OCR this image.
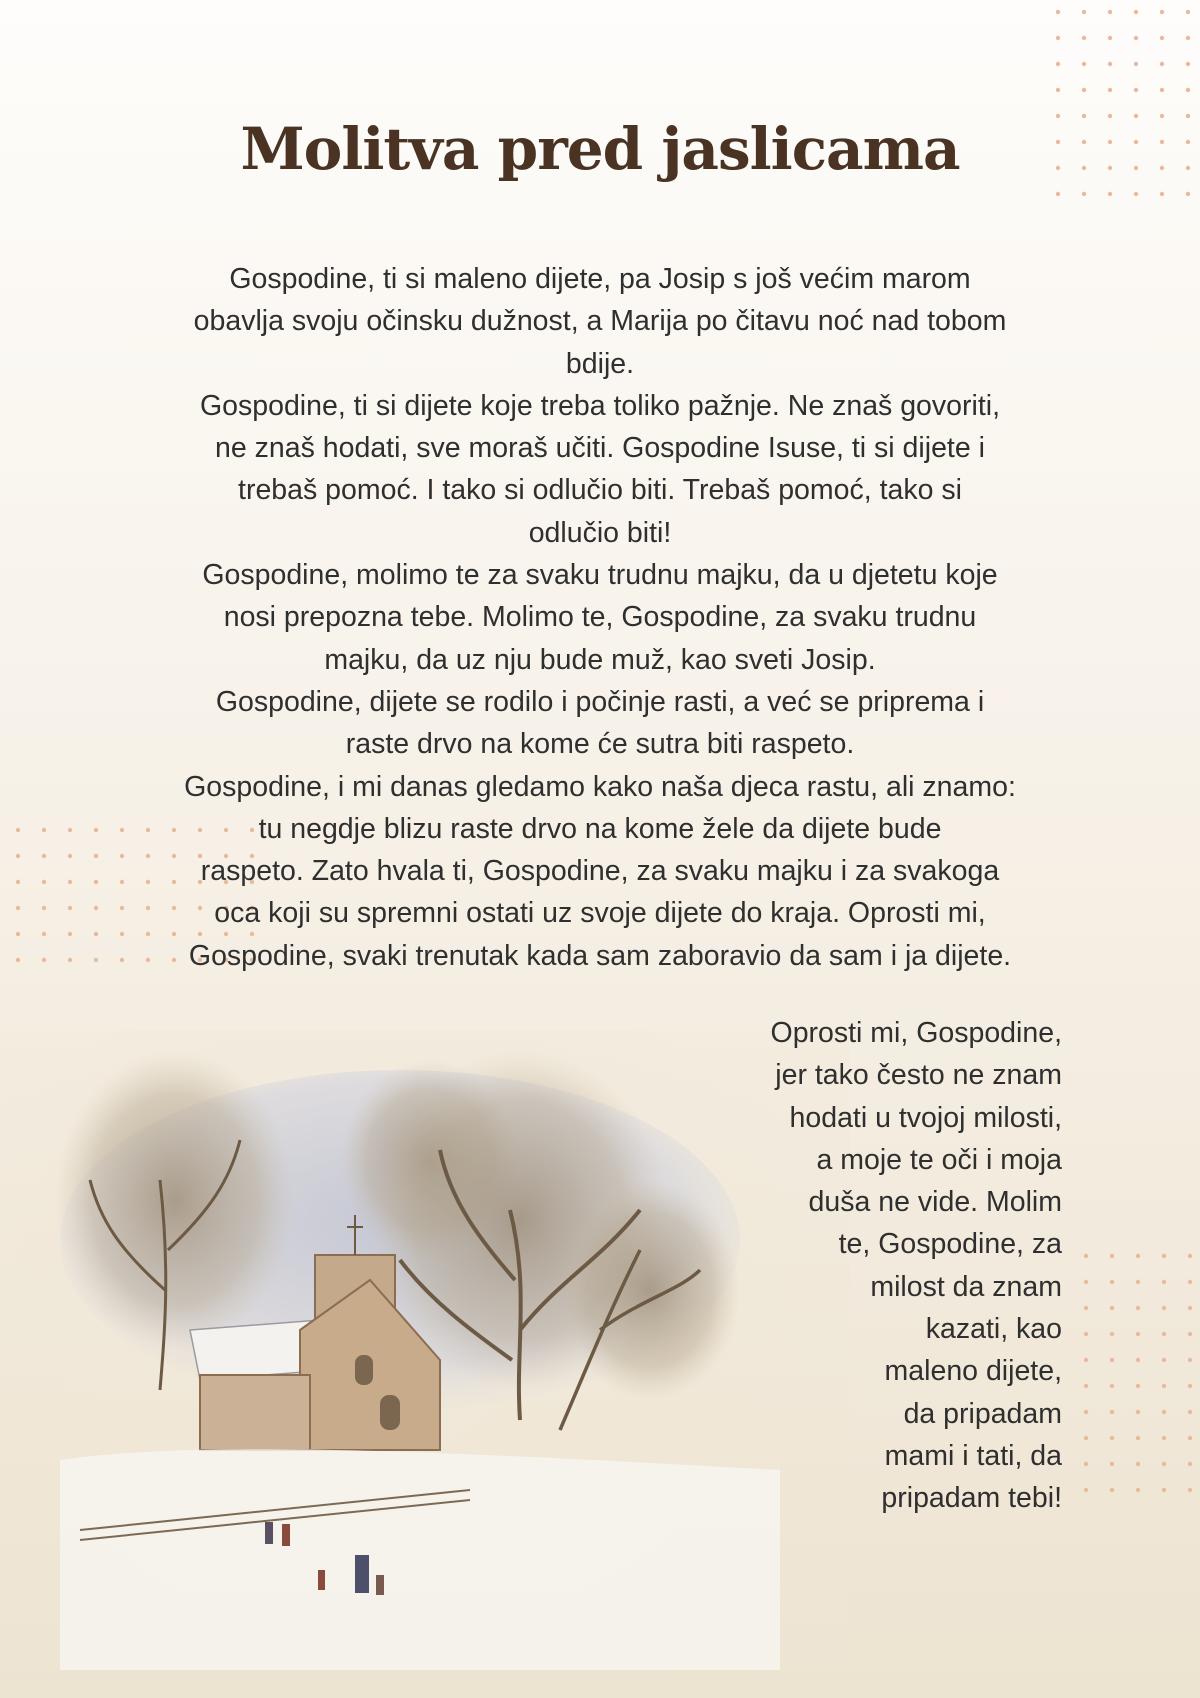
Molitva pred jaslicama
Gospodine, ti si maleno dijete, pa Josip s još većim marom
obavlja svoju očinsku dužnost, a Marija po čitavu noć nad tobom
bdije.
Gospodine, ti si dijete koje treba toliko pažnje. Ne znaš govoriti,
ne znaš hodati, sve moraš učiti. Gospodine Isuse, ti si dijete i
trebaš pomoć. I tako si odlučio biti. Trebaš pomoć, tako si
odlučio biti!
Gospodine, molimo te za svaku trudnu majku, da u djetetu koje
nosi prepozna tebe. Molimo te, Gospodine, za svaku trudnu
majku, da uz nju bude muž, kao sveti Josip.
Gospodine, dijete se rodilo i počinje rasti, a već se priprema i
raste drvo na kome će sutra biti raspeto.
Gospodine, i mi danas gledamo kako naša djeca rastu, ali znamo:
tu negdje blizu raste drvo na kome žele da dijete bude
raspeto. Zato hvala ti, Gospodine, za svaku majku i za svakoga
oca koji su spremni ostati uz svoje dijete do kraja. Oprosti mi,
Gospodine, svaki trenutak kada sam zaboravio da sam i ja dijete.
Oprosti mi, Gospodine,
jer tako često ne znam
hodati u tvojoj milosti,
a moje te oči i moja
duša ne vide. Molim
te, Gospodine, za
milost da znam
kazati, kao
maleno dijete,
da pripadam
mami i tati, da
pripadam tebi!
